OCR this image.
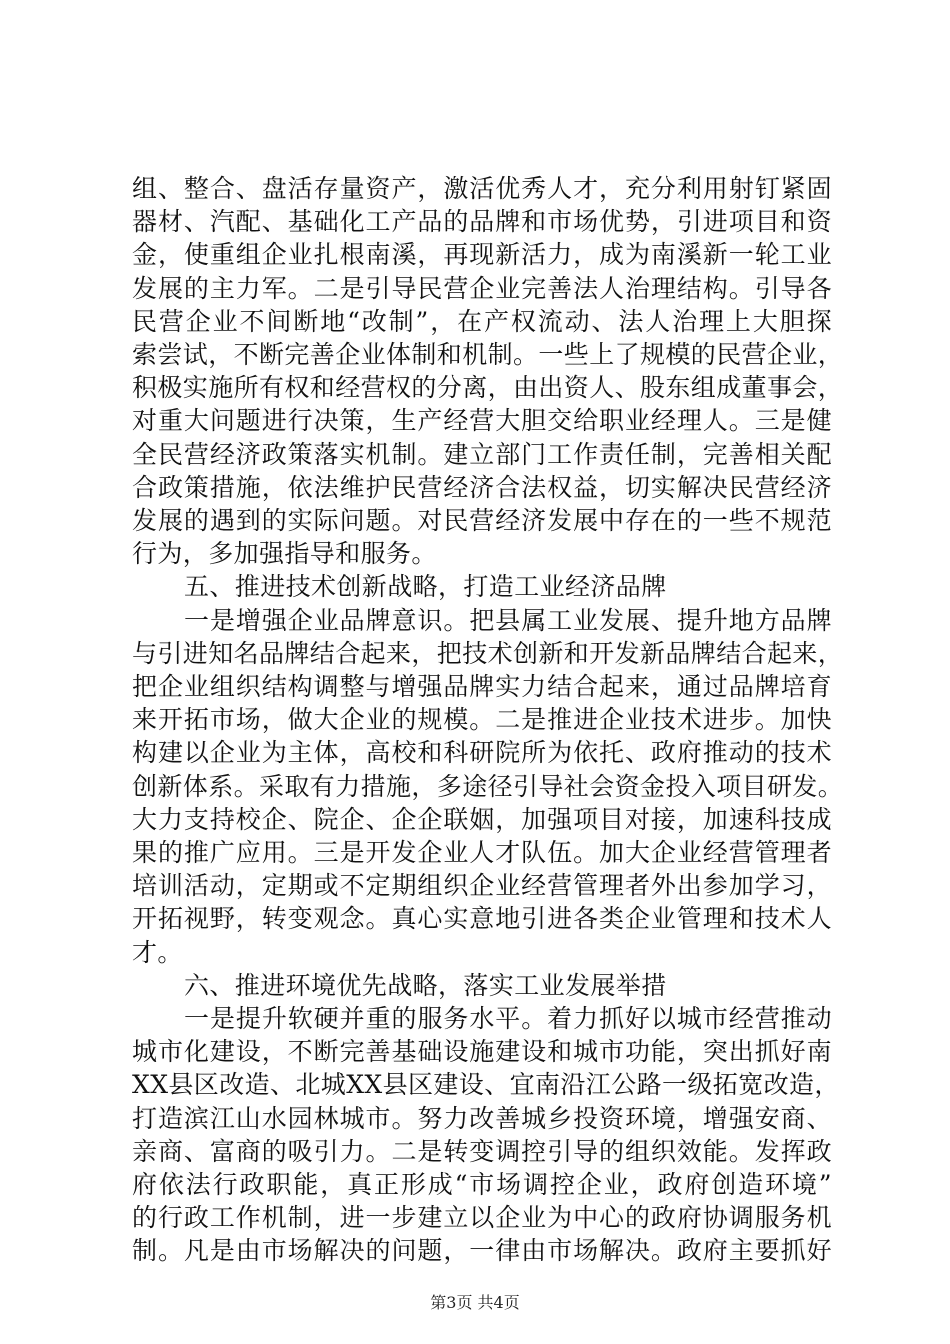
组、整合、盘活存量资产，激活优秀人才，充分利用射钉紧固
器材、汽配、基础化工产品的品牌和市场优势，引进项目和资
金，使重组企业扎根南溪，再现新活力，成为南溪新一轮工业
发展的主力军。二是引导民营企业完善法人治理结构。引导各
民营企业不间断地“改制”，在产权流动、法人治理上大胆探
索尝试，不断完善企业体制和机制。一些上了规模的民营企业，
积极实施所有权和经营权的分离，由出资人、股东组成董事会，
对重大问题进行决策，生产经营大胆交给职业经理人。三是健
全民营经济政策落实机制。建立部门工作责任制，完善相关配
合政策措施，依法维护民营经济合法权益，切实解决民营经济
发展的遇到的实际问题。对民营经济发展中存在的一些不规范
行为，多加强指导和服务。
五、推进技术创新战略，打造工业经济品牌
一是增强企业品牌意识。把县属工业发展、提升地方品牌
与引进知名品牌结合起来，把技术创新和开发新品牌结合起来，
把企业组织结构调整与增强品牌实力结合起来，通过品牌培育
来开拓市场，做大企业的规模。二是推进企业技术进步。加快
构建以企业为主体，高校和科研院所为依托、政府推动的技术
创新体系。采取有力措施，多途径引导社会资金投入项目研发。
大力支持校企、院企、企企联姻，加强项目对接，加速科技成
果的推广应用。三是开发企业人才队伍。加大企业经营管理者
培训活动，定期或不定期组织企业经营管理者外出参加学习，
开拓视野，转变观念。真心实意地引进各类企业管理和技术人
才。
六、推进环境优先战略，落实工业发展举措
一是提升软硬并重的服务水平。着力抓好以城市经营推动
城市化建设，不断完善基础设施建设和城市功能，突出抓好南
XX县区改造、北城XX县区建设、宜南沿江公路一级拓宽改造，
打造滨江山水园林城市。努力改善城乡投资环境，增强安商、
亲商、富商的吸引力。二是转变调控引导的组织效能。发挥政
府依法行政职能，真正形成“市场调控企业，政府创造环境”
的行政工作机制，进一步建立以企业为中心的政府协调服务机
制。凡是由市场解决的问题，一律由市场解决。政府主要抓好
第3页 共4页
